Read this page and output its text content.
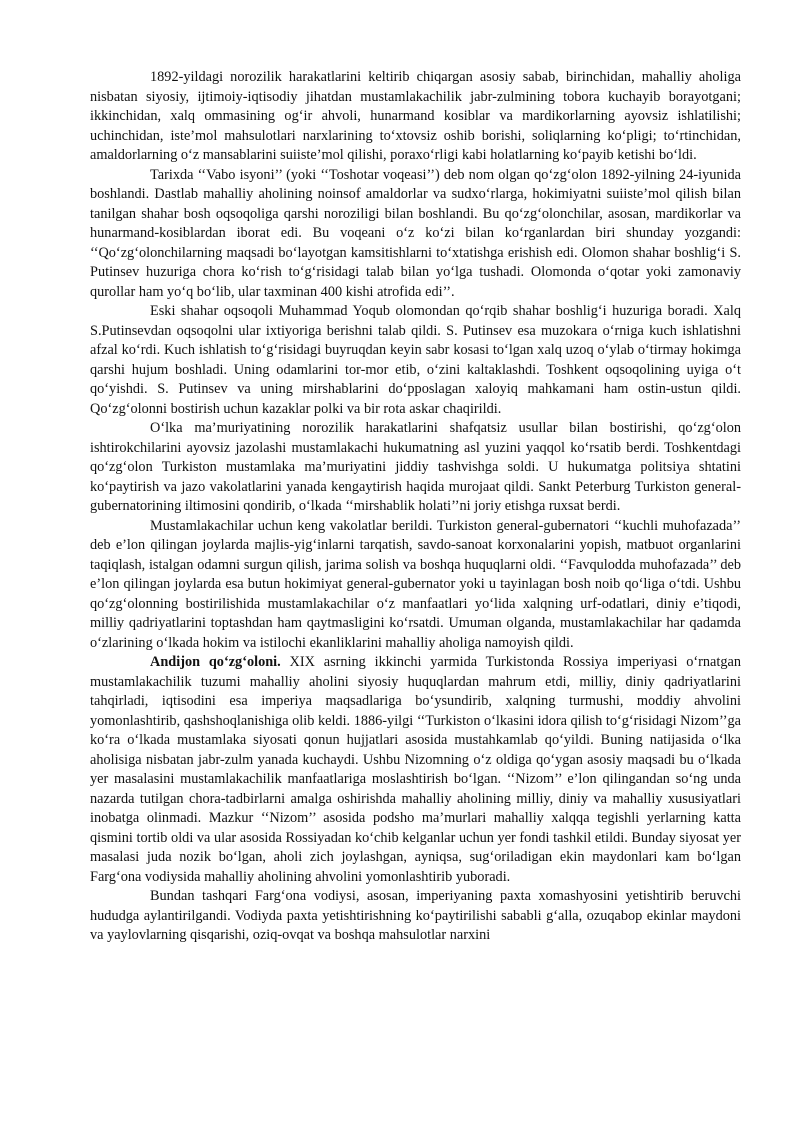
1892-yildagi norozilik harakatlarini keltirib chiqargan asosiy sabab, birinchidan, mahalliy aholiga nisbatan siyosiy, ijtimoiy-iqtisodiy jihatdan mustamlakachilik jabr-zulmining tobora kuchayib borayotgani; ikkinchidan, xalq ommasining og‘ir ahvoli, hunarmand kosiblar va mardikorlarning ayovsiz ishlatilishi; uchinchidan, iste’mol mahsulotlari narxlarining to‘xtovsiz oshib borishi, soliqlarning ko‘pligi; to‘rtinchidan, amaldorlarning o‘z mansablarini suiiste’mol qilishi, poraxo‘rligi kabi holatlarning ko‘payib ketishi bo‘ldi.

Tarixda ‘‘Vabo isyoni’’ (yoki ‘‘Toshotar voqeasi’’) deb nom olgan qo‘zg‘olon 1892-yilning 24-iyunida boshlandi. Dastlab mahalliy aholining noinsof amaldorlar va sudxo‘rlarga, hokimiyatni suiiste’mol qilish bilan tanilgan shahar bosh oqsoqoliga qarshi noroziligi bilan boshlandi. Bu qo‘zg‘olonchilar, asosan, mardikorlar va hunarmand-kosiblardan iborat edi. Bu voqeani o‘z ko‘zi bilan ko‘rganlardan biri shunday yozgandi: ‘‘Qo‘zg‘olonchilarning maqsadi bo‘layotgan kamsitishlarni to‘xtatishga erishish edi. Olomon shahar boshlig‘i S. Putinsev huzuriga chora ko‘rish to‘g‘risidagi talab bilan yo‘lga tushadi. Olomonda o‘qotar yoki zamonaviy qurollar ham yo‘q bo‘lib, ular taxminan 400 kishi atrofida edi’’.

Eski shahar oqsoqoli Muhammad Yoqub olomondan qo‘rqib shahar boshlig‘i huzuriga boradi. Xalq S.Putinsevdan oqsoqolni ular ixtiyoriga berishni talab qildi. S. Putinsev esa muzokara o‘rniga kuch ishlatishni afzal ko‘rdi. Kuch ishlatish to‘g‘risidagi buyruqdan keyin sabr kosasi to‘lgan xalq uzoq o‘ylab o‘tirmay hokimga qarshi hujum boshladi. Uning odamlarini tor-mor etib, o‘zini kaltaklashdi. Toshkent oqsoqolining uyiga o‘t qo‘yishdi. S. Putinsev va uning mirshablarini do‘pposlagan xaloyiq mahkamani ham ostin-ustun qildi. Qo‘zg‘olonni bostirish uchun kazaklar polki va bir rota askar chaqirildi.

O‘lka ma’muriyatining norozilik harakatlarini shafqatsiz usullar bilan bostirishi, qo‘zg‘olon ishtirokchilarini ayovsiz jazolashi mustamlakachi hukumatning asl yuzini yaqqol ko‘rsatib berdi. Toshkentdagi qo‘zg‘olon Turkiston mustamlaka ma’muriyatini jiddiy tashvishga soldi. U hukumatga politsiya shtatini ko‘paytirish va jazo vakolatlarini yanada kengaytirish haqida murojaat qildi. Sankt Peterburg Turkiston general-gubernatorining iltimosini qondirib, o‘lkada ‘‘mirshablik holati’’ni joriy etishga ruxsat berdi.

Mustamlakachilar uchun keng vakolatlar berildi. Turkiston general-gubernatori ‘‘kuchli muhofazada’’ deb e’lon qilingan joylarda majlis-yig‘inlarni tarqatish, savdo-sanoat korxonalarini yopish, matbuot organlarini taqiqlash, istalgan odamni surgun qilish, jarima solish va boshqa huquqlarni oldi. ‘‘Favqulodda muhofazada’’ deb e’lon qilingan joylarda esa butun hokimiyat general-gubernator yoki u tayinlagan bosh noib qo‘liga o‘tdi. Ushbu qo‘zg‘olonning bostirilishida mustamlakachilar o‘z manfaatlari yo‘lida xalqning urf-odatlari, diniy e’tiqodi, milliy qadriyatlarini toptashdan ham qaytmasligini ko‘rsatdi. Umuman olganda, mustamlakachilar har qadamda o‘zlarining o‘lkada hokim va istilochi ekanliklarini mahalliy aholiga namoyish qildi.

Andijon qo‘zg‘oloni. XIX asrning ikkinchi yarmida Turkistonda Rossiya imperiyasi o‘rnatgan mustamlakachilik tuzumi mahalliy aholini siyosiy huquqlardan mahrum etdi, milliy, diniy qadriyatlarini tahqirladi, iqtisodini esa imperiya maqsadlariga bo‘ysundirib, xalqning turmushi, moddiy ahvolini yomonlashtirib, qashshoqlanishiga olib keldi. 1886-yilgi ‘‘Turkiston o‘lkasini idora qilish to‘g‘risidagi Nizom’’ga ko‘ra o‘lkada mustamlaka siyosati qonun hujjatlari asosida mustahkamlab qo‘yildi. Buning natijasida o‘lka aholisiga nisbatan jabr-zulm yanada kuchaydi. Ushbu Nizomning o‘z oldiga qo‘ygan asosiy maqsadi bu o‘lkada yer masalasini mustamlakachilik manfaatlariga moslashtirish bo‘lgan. ‘‘Nizom’’ e’lon qilingandan so‘ng unda nazarda tutilgan chora-tadbirlarni amalga oshirishda mahalliy aholining milliy, diniy va mahalliy xususiyatlari inobatga olinmadi. Mazkur ‘‘Nizom’’ asosida podsho ma’murlari mahalliy xalqqa tegishli yerlarning katta qismini tortib oldi va ular asosida Rossiyadan ko‘chib kelganlar uchun yer fondi tashkil etildi. Bunday siyosat yer masalasi juda nozik bo‘lgan, aholi zich joylashgan, ayniqsa, sug‘oriladigan ekin maydonlari kam bo‘lgan Farg‘ona vodiysida mahalliy aholining ahvolini yomonlashtirib yuboradi.

Bundan tashqari Farg‘ona vodiysi, asosan, imperiyaning paxta xomashyosini yetishtirib beruvchi hududga aylantirilgandi. Vodiyda paxta yetishtirishning ko‘paytirilishi sababli g‘alla, ozuqabop ekinlar maydoni va yaylovlarning qisqarishi, oziq-ovqat va boshqa mahsulotlar narxini
